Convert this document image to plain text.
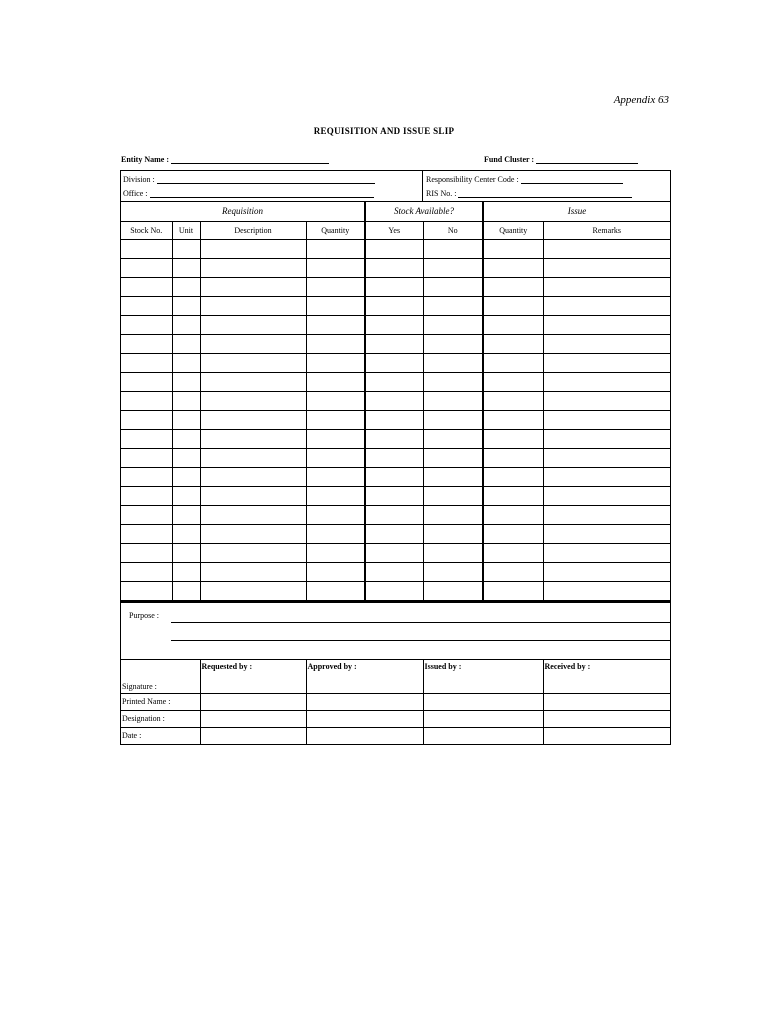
Appendix 63
REQUISITION AND ISSUE SLIP
Entity Name :	Fund Cluster :
Division :
Office :
Responsibility Center Code :
RIS No. :
Requisition				Stock Available?		Issue	
Stock No.	Unit	Description	Quantity	Yes	No	Quantity	Remarks

Purpose :
Signature :	Requested by :	Approved by :	Issued by :	Received by :

Printed Name :				
Designation :				
Date :				
